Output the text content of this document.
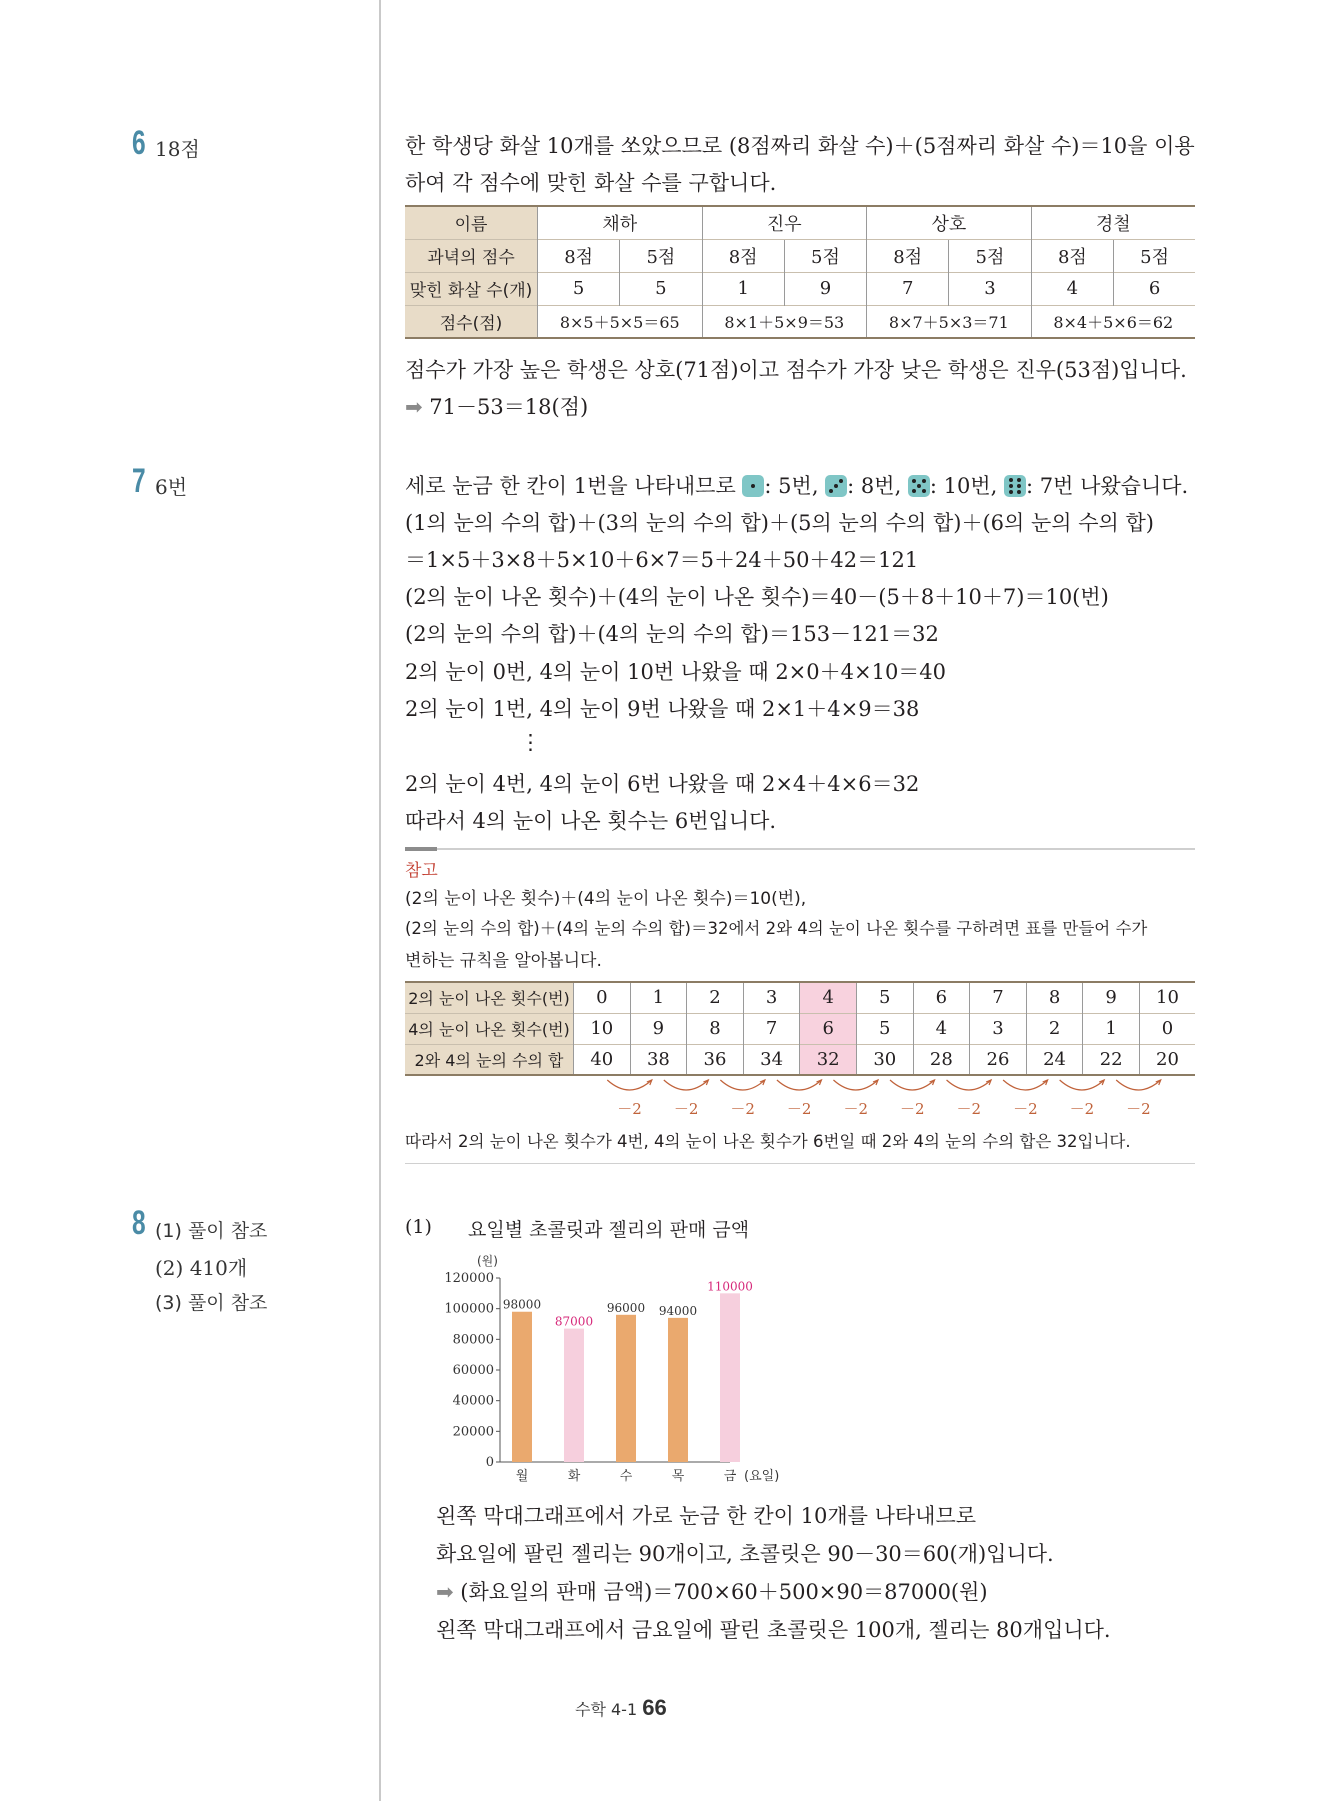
6 18점	한 학생당 화살 10개를 쏘았으므로 (8점짜리 화살 수)＋(5점짜리 화살 수)＝10을 이용
하여 각 점수에 맞힌 화살 수를 구합니다.
이름	채하		진우		상호		경철	
과녁의 점수	8점	5점	8점	5점	8점	5점	8점	5점
맞힌 화살 수(개)	5	5	1	9	7	3	4	6
점수(점)	8×5＋5×5＝65		8×1＋5×9＝53		8×7＋5×3＝71		8×4＋5×6＝62	
점수가 가장 높은 학생은 상호(71점)이고 점수가 가장 낮은 학생은 진우(53점)입니다.
➡ 71－53＝18(점)
7 6번	세로 눈금 한 칸이 1번을 나타내므로
: 5번,
: 8번,
: 10번,
: 7번 나왔습니다.
(1의 눈의 수의 합)＋(3의 눈의 수의 합)＋(5의 눈의 수의 합)＋(6의 눈의 수의 합)
＝1×5＋3×8＋5×10＋6×7＝5＋24＋50＋42＝121
(2의 눈이 나온 횟수)＋(4의 눈이 나온 횟수)＝40－(5＋8＋10＋7)＝10(번)
(2의 눈의 수의 합)＋(4의 눈의 수의 합)＝153－121＝32
2의 눈이 0번, 4의 눈이 10번 나왔을 때 2×0＋4×10＝40
2의 눈이 1번, 4의 눈이 9번 나왔을 때 2×1＋4×9＝38
⋮
2의 눈이 4번, 4의 눈이 6번 나왔을 때 2×4＋4×6＝32
따라서 4의 눈이 나온 횟수는 6번입니다.
참고
(2의 눈이 나온 횟수)＋(4의 눈이 나온 횟수)＝10(번),
(2의 눈의 수의 합)＋(4의 눈의 수의 합)＝32에서 2와 4의 눈이 나온 횟수를 구하려면 표를 만들어 수가
변하는 규칙을 알아봅니다.
2의 눈이 나온 횟수(번)	0	1	2	3	4	5	6	7	8	9	10
4의 눈이 나온 횟수(번)	10	9	8	7	6	5	4	3	2	1	0
2와 4의 눈의 수의 합	40	38	36	34	32	30	28	26	24	22	20
－2 －2 －2 －2 －2 －2 －2 －2 －2 －2
따라서 2의 눈이 나온 횟수가 4번, 4의 눈이 나온 횟수가 6번일 때 2와 4의 눈의 수의 합은 32입니다.
8 (1) 풀이 참조
(2) 410개
(3) 풀이 참조
(1) 요일별 초콜릿과 젤리의 판매 금액
(원)
0
20000
40000
60000
80000
100000
120000
98000
87000
96000 94000
110000
월	화	수	목	금 (요일)
왼쪽 막대그래프에서 가로 눈금 한 칸이 10개를 나타내므로
화요일에 팔린 젤리는 90개이고, 초콜릿은 90－30＝60(개)입니다.
➡ (화요일의 판매 금액)＝700×60＋500×90＝87000(원)
왼쪽 막대그래프에서 금요일에 팔린 초콜릿은 100개, 젤리는 80개입니다.
수학 4-1 66
